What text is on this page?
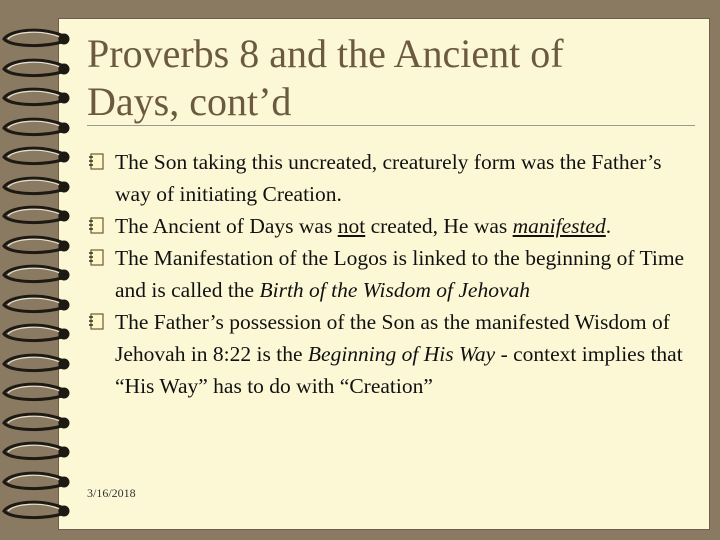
Proverbs 8 and the Ancient of
Days, cont’d
The Son taking this uncreated, creaturely form was the Father’s way of initiating Creation.
The Ancient of Days was not created, He was manifested.
The Manifestation of the Logos is linked to the beginning of Time and is called the Birth of the Wisdom of Jehovah
The Father’s possession of the Son as the manifested Wisdom of Jehovah in 8:22 is the Beginning of His Way - context implies that “His Way” has to do with “Creation”
3/16/2018
